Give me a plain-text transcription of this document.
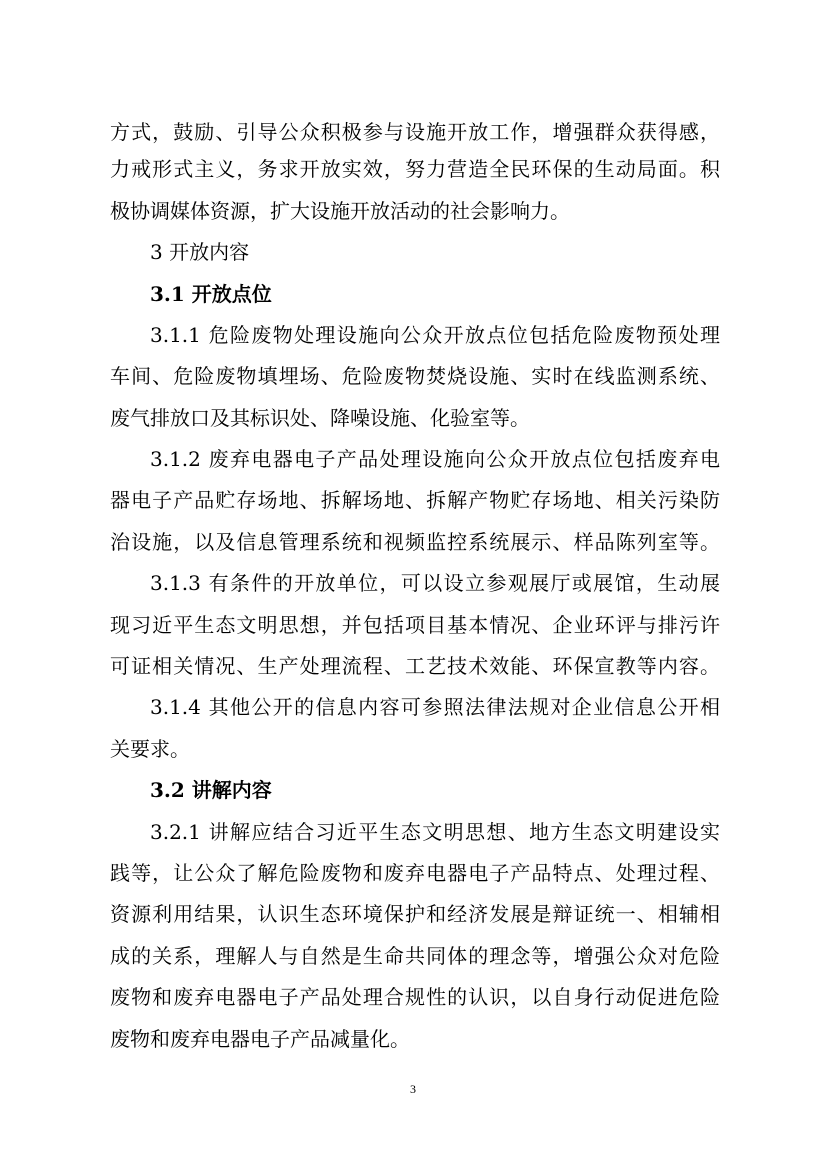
方式，鼓励、引导公众积极参与设施开放工作，增强群众获得感，
力戒形式主义，务求开放实效，努力营造全民环保的生动局面。积
极协调媒体资源，扩大设施开放活动的社会影响力。
3 开放内容
3.1 开放点位
3.1.1 危险废物处理设施向公众开放点位包括危险废物预处理
车间、危险废物填埋场、危险废物焚烧设施、实时在线监测系统、
废气排放口及其标识处、降噪设施、化验室等。
3.1.2 废弃电器电子产品处理设施向公众开放点位包括废弃电
器电子产品贮存场地、拆解场地、拆解产物贮存场地、相关污染防
治设施，以及信息管理系统和视频监控系统展示、样品陈列室等。
3.1.3 有条件的开放单位，可以设立参观展厅或展馆，生动展
现习近平生态文明思想，并包括项目基本情况、企业环评与排污许
可证相关情况、生产处理流程、工艺技术效能、环保宣教等内容。
3.1.4 其他公开的信息内容可参照法律法规对企业信息公开相
关要求。
3.2 讲解内容
3.2.1 讲解应结合习近平生态文明思想、地方生态文明建设实
践等，让公众了解危险废物和废弃电器电子产品特点、处理过程、
资源利用结果，认识生态环境保护和经济发展是辩证统一、相辅相
成的关系，理解人与自然是生命共同体的理念等，增强公众对危险
废物和废弃电器电子产品处理合规性的认识，以自身行动促进危险
废物和废弃电器电子产品减量化。
3
